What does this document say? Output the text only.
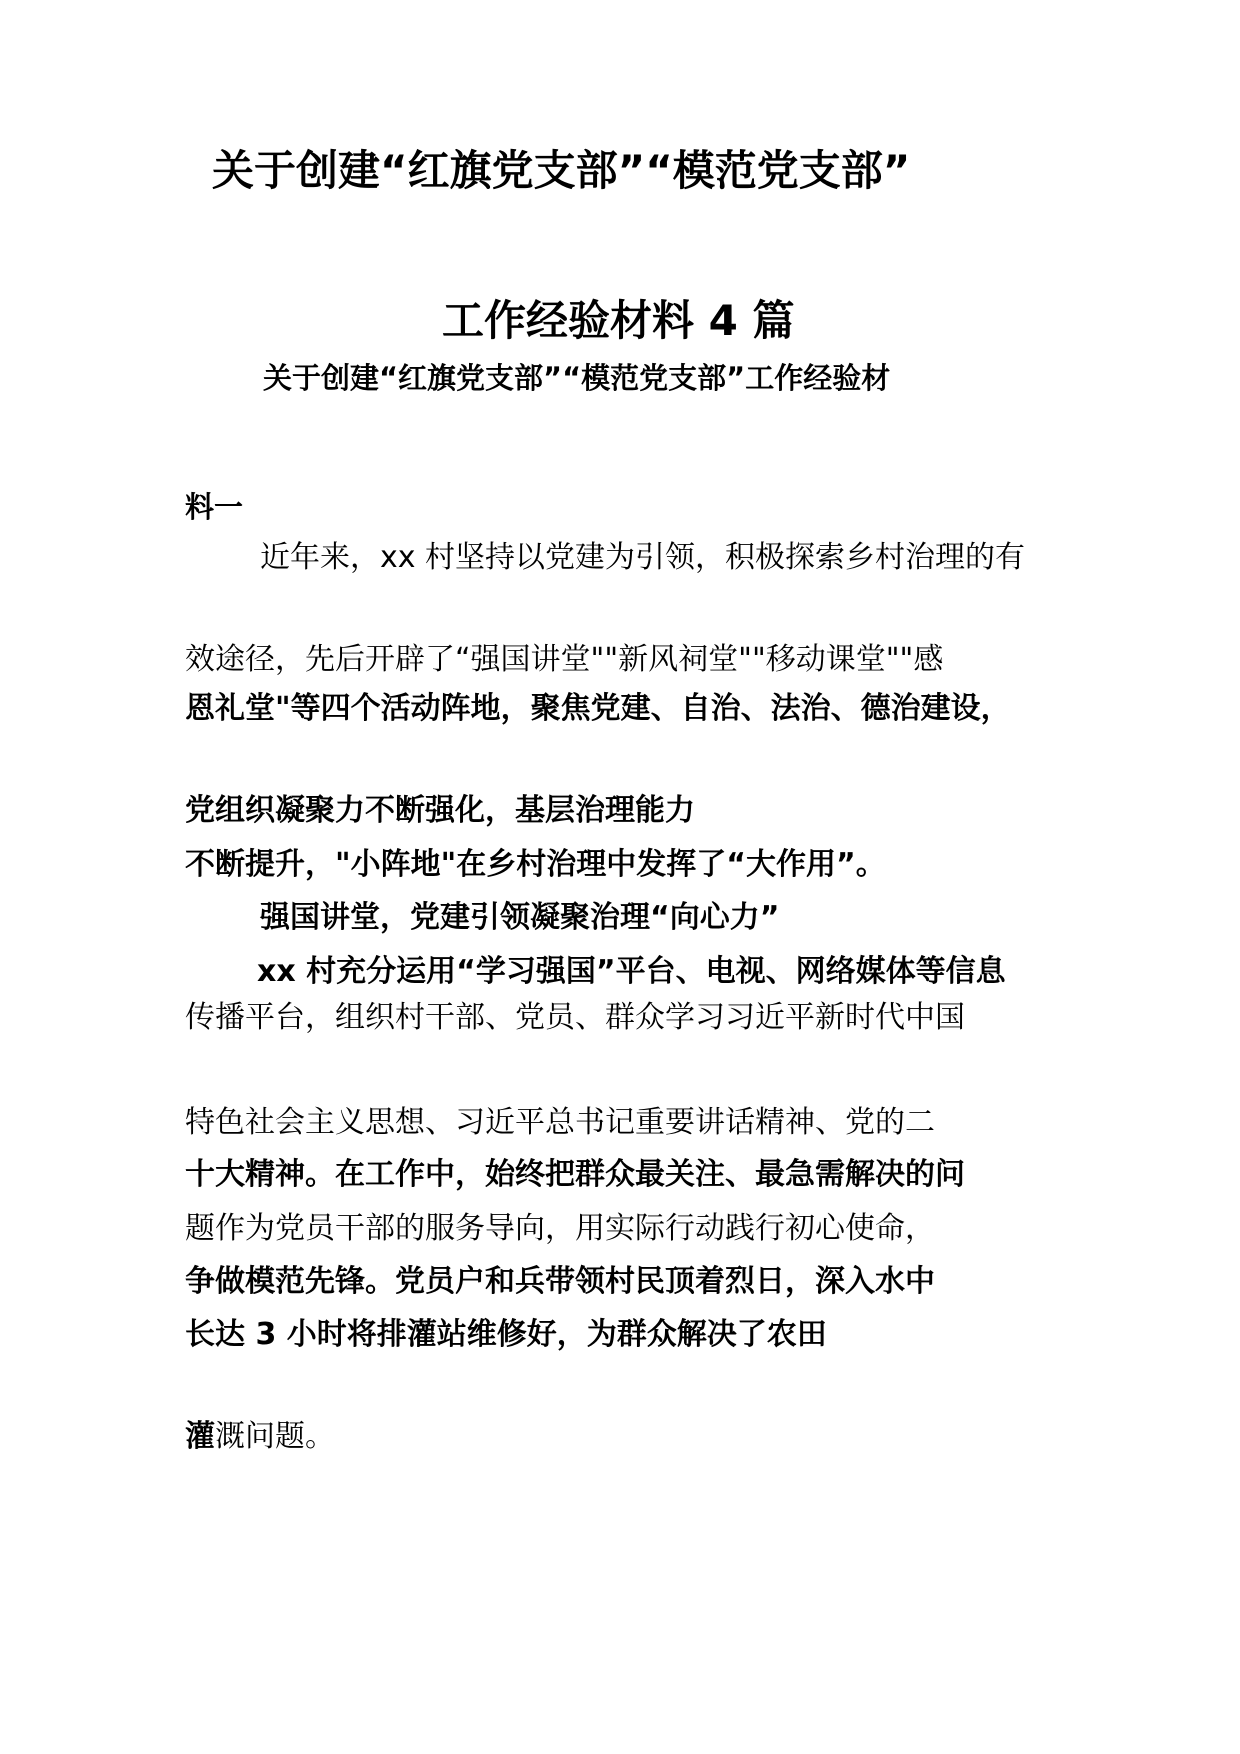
关于创建“红旗党支部”“模范党支部”
工作经验材料 4 篇
关于创建“红旗党支部”“模范党支部”工作经验材
料一

近年来，xx 村坚持以党建为引领，积极探索乡村治理的有

效途径，先后开辟了“强国讲堂""新风祠堂""移动课堂""感

恩礼堂"等四个活动阵地，聚焦党建、自治、法治、德治建设，

党组织凝聚力不断强化，基层治理能力

不断提升，"小阵地"在乡村治理中发挥了“大作用”。

强国讲堂，党建引领凝聚治理“向心力”

xx 村充分运用“学习强国”平台、电视、网络媒体等信息

传播平台，组织村干部、党员、群众学习习近平新时代中国

特色社会主义思想、习近平总书记重要讲话精神、党的二

十大精神。在工作中，始终把群众最关注、最急需解决的问

题作为党员干部的服务导向，用实际行动践行初心使命，

争做模范先锋。党员户和兵带领村民顶着烈日，深入水中

长达 3 小时将排灌站维修好，为群众解决了农田

灌溉问题。
